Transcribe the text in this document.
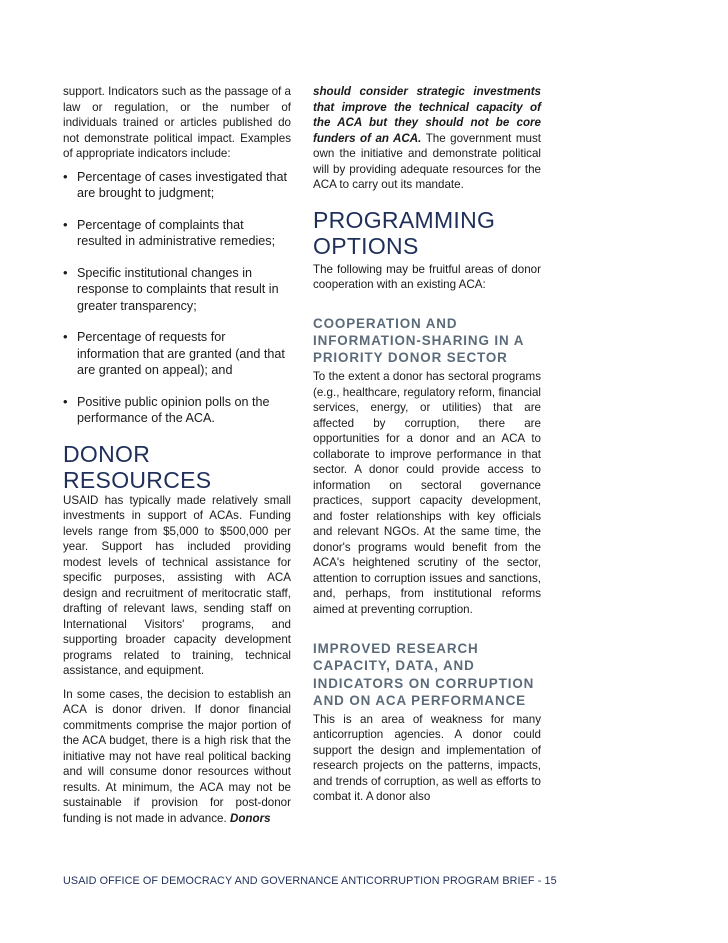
support. Indicators such as the passage of a law or regulation, or the number of individuals trained or articles published do not demonstrate political impact. Examples of appropriate indicators include:

• Percentage of cases investigated that are brought to judgment;
• Percentage of complaints that resulted in administrative remedies;
• Specific institutional changes in response to complaints that result in greater transparency;
• Percentage of requests for information that are granted (and that are granted on appeal); and
• Positive public opinion polls on the performance of the ACA.
DONOR RESOURCES

USAID has typically made relatively small investments in support of ACAs. Funding levels range from $5,000 to $500,000 per year. Support has included providing modest levels of technical assistance for specific purposes, assisting with ACA design and recruitment of meritocratic staff, drafting of relevant laws, sending staff on International Visitors' programs, and supporting broader capacity development programs related to training, technical assistance, and equipment.

In some cases, the decision to establish an ACA is donor driven. If donor financial commitments comprise the major portion of the ACA budget, there is a high risk that the initiative may not have real political backing and will consume donor resources without results. At minimum, the ACA may not be sustainable if provision for post-donor funding is not made in advance. Donors

should consider strategic investments that improve the technical capacity of the ACA but they should not be core funders of an ACA. The government must own the initiative and demonstrate political will by providing adequate resources for the ACA to carry out its mandate.

PROGRAMMING OPTIONS

The following may be fruitful areas of donor cooperation with an existing ACA:

COOPERATION AND INFORMATION-SHARING IN A PRIORITY DONOR SECTOR

To the extent a donor has sectoral programs (e.g., healthcare, regulatory reform, financial services, energy, or utilities) that are affected by corruption, there are opportunities for a donor and an ACA to collaborate to improve performance in that sector. A donor could provide access to information on sectoral governance practices, support capacity development, and foster relationships with key officials and relevant NGOs. At the same time, the donor's programs would benefit from the ACA's heightened scrutiny of the sector, attention to corruption issues and sanctions, and, perhaps, from institutional reforms aimed at preventing corruption.

IMPROVED RESEARCH CAPACITY, DATA, AND INDICATORS ON CORRUPTION AND ON ACA PERFORMANCE

This is an area of weakness for many anticorruption agencies. A donor could support the design and implementation of research projects on the patterns, impacts, and trends of corruption, as well as efforts to combat it. A donor also

USAID OFFICE OF DEMOCRACY AND GOVERNANCE ANTICORRUPTION PROGRAM BRIEF - 15
